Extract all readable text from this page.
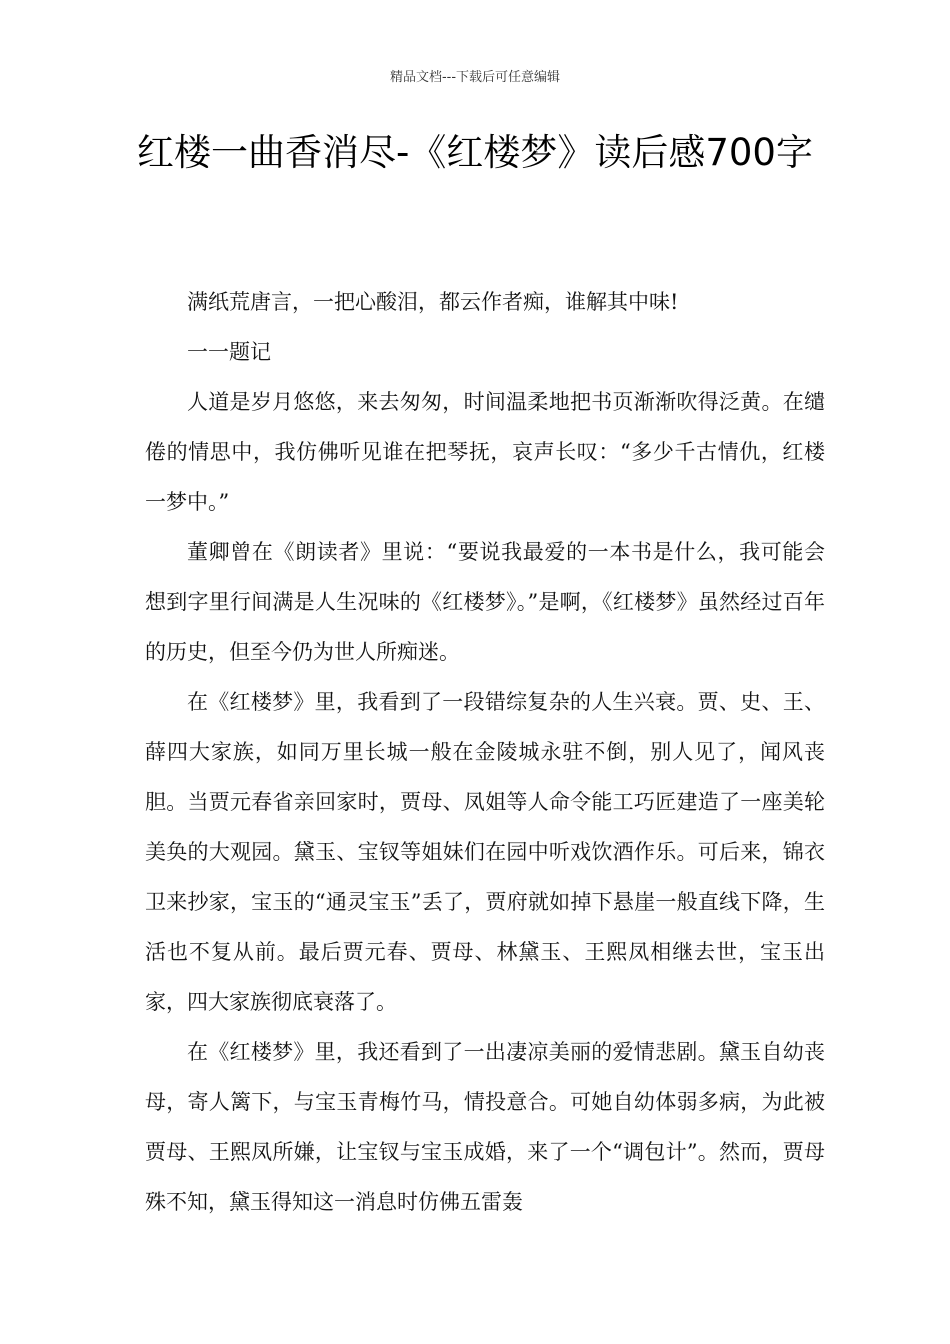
精品文档---下载后可任意编辑
红楼一曲香消尽-《红楼梦》读后感700字

满纸荒唐言，一把心酸泪，都云作者痴，谁解其中味!

一一题记

人道是岁月悠悠，来去匆匆，时间温柔地把书页渐渐吹得泛黄。在缱倦的情思中，我仿佛听见谁在把琴抚，哀声长叹：“多少千古情仇，红楼一梦中。”

董卿曾在《朗读者》里说：“要说我最爱的一本书是什么，我可能会想到字里行间满是人生况味的《红楼梦》。”是啊，《红楼梦》虽然经过百年的历史，但至今仍为世人所痴迷。

在《红楼梦》里，我看到了一段错综复杂的人生兴衰。贾、史、王、薛四大家族，如同万里长城一般在金陵城永驻不倒，别人见了，闻风丧胆。当贾元春省亲回家时，贾母、凤姐等人命令能工巧匠建造了一座美轮美奂的大观园。黛玉、宝钗等姐妹们在园中听戏饮酒作乐。可后来，锦衣卫来抄家，宝玉的“通灵宝玉”丢了，贾府就如掉下悬崖一般直线下降，生活也不复从前。最后贾元春、贾母、林黛玉、王熙凤相继去世，宝玉出家，四大家族彻底衰落了。

在《红楼梦》里，我还看到了一出凄凉美丽的爱情悲剧。黛玉自幼丧母，寄人篱下，与宝玉青梅竹马，情投意合。可她自幼体弱多病，为此被贾母、王熙凤所嫌，让宝钗与宝玉成婚，来了一个“调包计”。然而，贾母殊不知，黛玉得知这一消息时仿佛五雷轰
